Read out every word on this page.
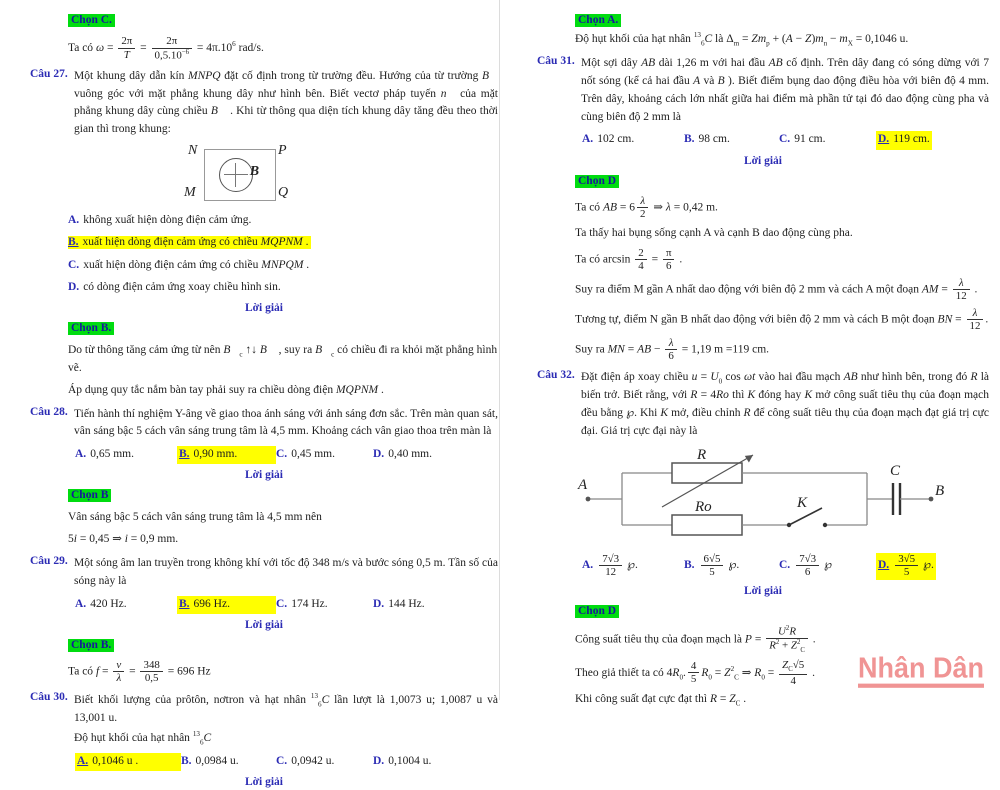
Chọn C.
Ta có $\omega = \frac{2\pi}{T} = \frac{2\pi}{0,5.10^{-6}} = 4\pi.10^6$ rad/s.
Câu 27. Một khung dây dẫn kín MNPQ đặt cố định trong từ trường đều. Hướng của từ trường B⃗ vuông góc với mặt phẳng khung dây như hình bên. Biết vectơ pháp tuyến n⃗ của mặt phẳng khung dây cùng chiều B⃗ . Khi từ thông qua diện tích khung dây tăng đều theo thời gian thì trong khung:
N
M
P
Q
B⃗
A. không xuất hiện dòng điện cảm ứng.
B. xuất hiện dòng điện cảm ứng có chiều MQPNM .
C. xuất hiện dòng điện cảm ứng có chiều MNPQM .
D. có dòng điện cảm ứng xoay chiều hình sin.
Lời giải
Chọn B.
Do từ thông tăng cảm ứng từ nên $B⃗_c$ ↑↓ B⃗ , suy ra $B⃗_c$ có chiều đi ra khỏi mặt phẳng hình vẽ.
Áp dụng quy tắc nắm bàn tay phải suy ra chiều dòng điện MQPNM .
Câu 28. Tiến hành thí nghiệm Y-âng về giao thoa ánh sáng với ánh sáng đơn sắc. Trên màn quan sát, vân sáng bậc 5 cách vân sáng trung tâm là 4,5 mm. Khoảng cách vân giao thoa trên màn là
A. 0,65 mm.	B. 0,90 mm.	C. 0,45 mm.	D. 0,40 mm.
Lời giải
Chọn B
Vân sáng bậc 5 cách vân sáng trung tâm là 4,5 mm nên
5i = 0,45 ⇒ i = 0,9 mm.
Câu 29. Một sóng âm lan truyền trong không khí với tốc độ 348 m/s và bước sóng 0,5 m. Tần số của sóng này là
A. 420 Hz.	B. 696 Hz.	C. 174 Hz.	D. 144 Hz.
Lời giải
Chọn B.
Ta có $f = \frac{v}{\lambda} = \frac{348}{0,5} = 696$ Hz
Câu 30. Biết khối lượng của prôtôn, nơtron và hạt nhân $^{13}_6$C lần lượt là 1,0073 u; 1,0087 u và 13,001 u.
Độ hụt khối của hạt nhân $^{13}_6$C
A. 0,1046 u .	B. 0,0984 u.	C. 0,0942 u.	D. 0,1004 u.
Lời giải
Chọn A.
Độ hụt khối của hạt nhân $^{13}_6$C là $\Delta_m = Zm_p + (A - Z)m_n - m_X = 0,1046$ u.
Câu 31. Một sợi dây AB dài 1,26 m với hai đầu AB cố định. Trên dây đang có sóng dừng với 7 nốt sóng (kể cả hai đầu A và B ). Biết điểm bụng dao động điều hòa với biên độ 4 mm. Trên dây, khoảng cách lớn nhất giữa hai điểm mà phần tử tại đó dao động cùng pha và cùng biên độ 2 mm là
A. 102 cm.	B. 98 cm.	C. 91 cm.	D. 119 cm.
Lời giải
Chọn D
Ta có AB = $6 \frac{\lambda}{2}$ ⇒ λ = 0,42 m.
Ta thấy hai bụng sống cạnh A và cạnh B dao động cùng pha.
Ta có $\arcsin \frac{2}{4} = \frac{\pi}{6}$ .
Suy ra điểm M gần A nhất dao động với biên độ 2 mm và cách A một đoạn AM = $\frac{\lambda}{12}$ .
Tương tự, điểm N gần B nhất dao động với biên độ 2 mm và cách B một đoạn BN = $\frac{\lambda}{12}$ .
Suy ra MN = AB − $\frac{\lambda}{6} = 1,19$ m =119 cm.
Câu 32. Đặt điện áp xoay chiều $u = U_0$ cos ωt vào hai đầu mạch AB như hình bên, trong đó R là biến trở. Biết rằng, với R = 4Ro thì K đóng hay K mở công suất tiêu thụ của đoạn mạch đều bằng ℘. Khi K mở, điều chỉnh R để công suất tiêu thụ của đoạn mạch đạt giá trị cực đại. Giá trị cực đại này là
A
R
Ro	K
C
B
A. $\frac{7√3}{12}$ ℘.	B. $\frac{6√5}{5}$ ℘.	C. $\frac{7√3}{6}$ ℘	D. $\frac{3√5}{5}$ ℘.
Lời giải
Chọn D
Công suất tiêu thụ của đoạn mạch là $P = \frac{U^2R}{R^2 + Z^2_C}$ .
Theo giả thiết ta có $4R_0$. $\frac{4}{5} R_0 = Z^2_C$ ⇒ $R_0 = \frac{Z_C√5}{4}$ .
Khi công suất đạt cực đạt thì $R = Z_C$ .
Nhân Dân
